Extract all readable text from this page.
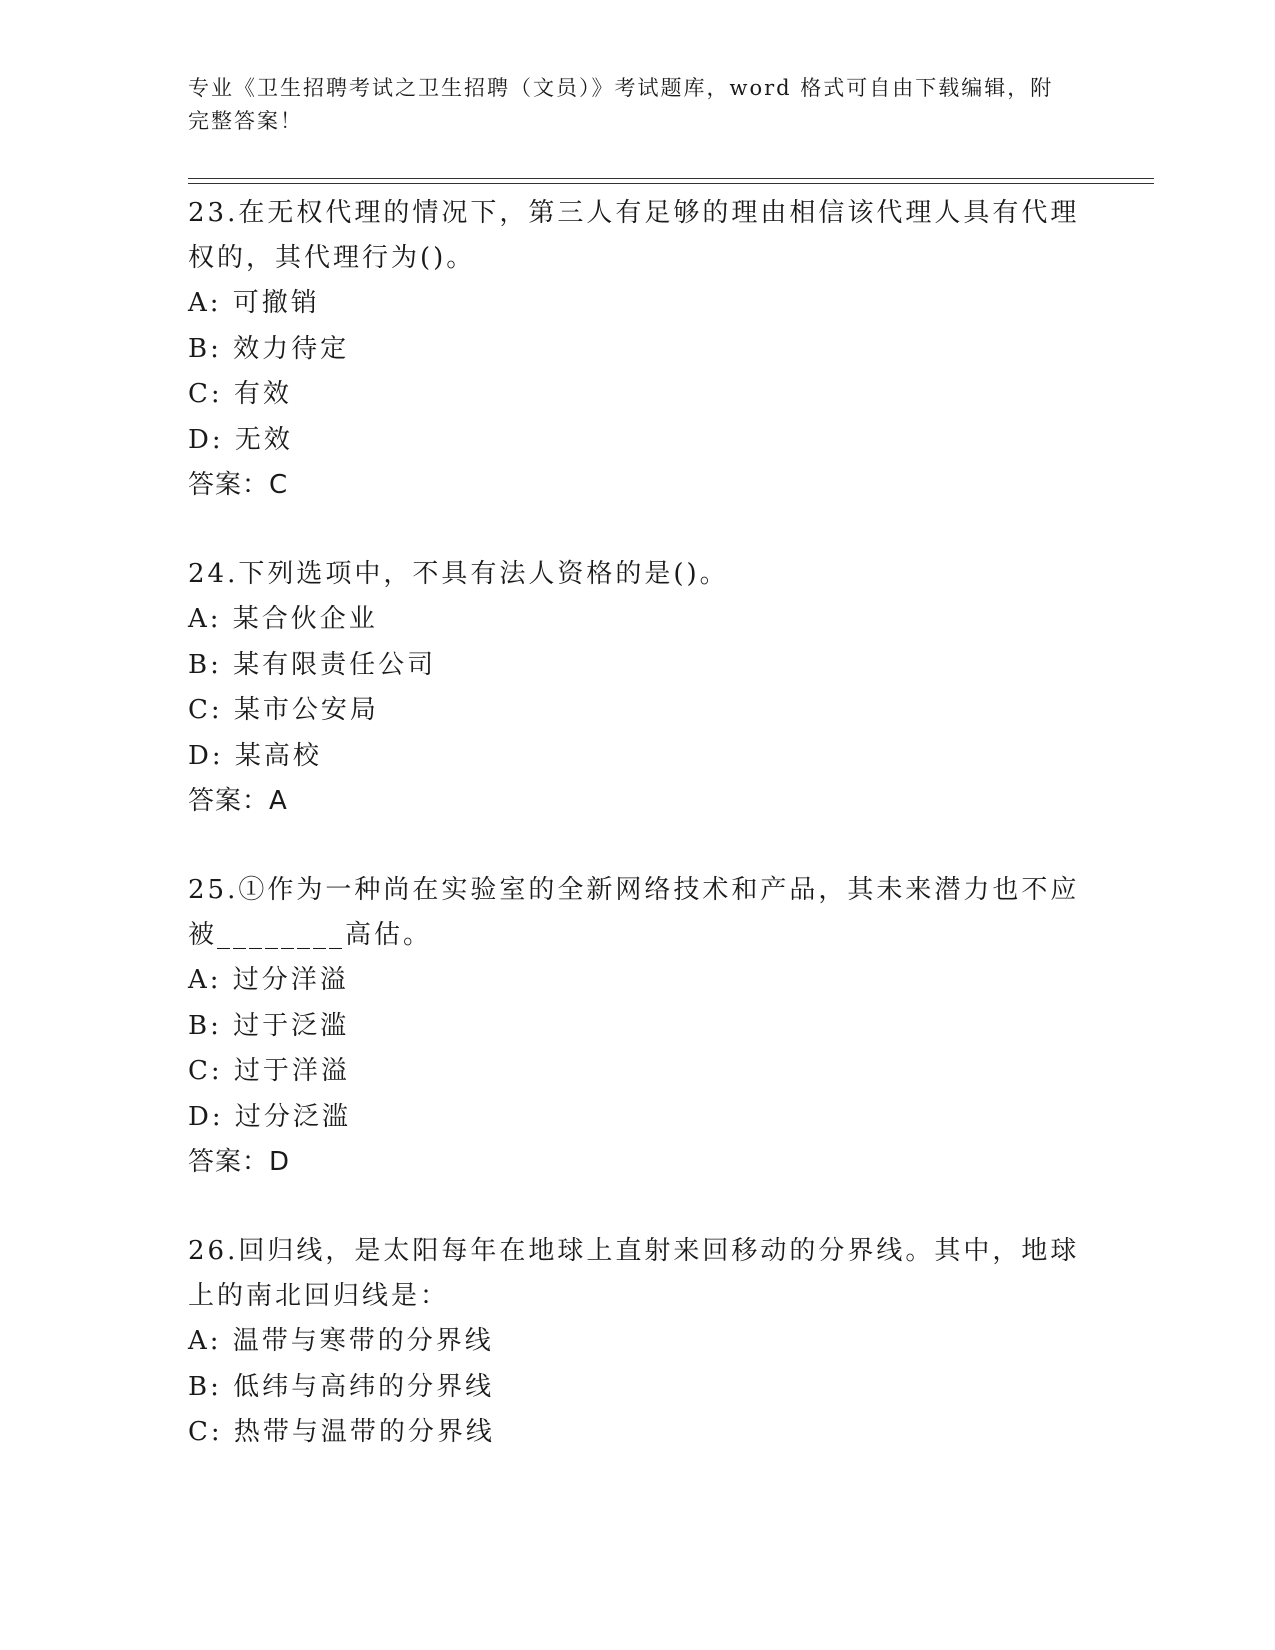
专业《卫生招聘考试之卫生招聘（文员）》考试题库，word 格式可自由下载编辑，附完整答案！

23.在无权代理的情况下，第三人有足够的理由相信该代理人具有代理权的，其代理行为()。

A: 可撤销
B: 效力待定
C: 有效
D: 无效
答案：C

24.下列选项中，不具有法人资格的是()。

A: 某合伙企业
B: 某有限责任公司
C: 某市公安局
D: 某高校
答案：A

25.①作为一种尚在实验室的全新网络技术和产品，其未来潜力也不应被________高估。

A: 过分洋溢
B: 过于泛滥
C: 过于洋溢
D: 过分泛滥
答案：D

26.回归线，是太阳每年在地球上直射来回移动的分界线。其中，地球上的南北回归线是：

A: 温带与寒带的分界线
B: 低纬与高纬的分界线
C: 热带与温带的分界线
